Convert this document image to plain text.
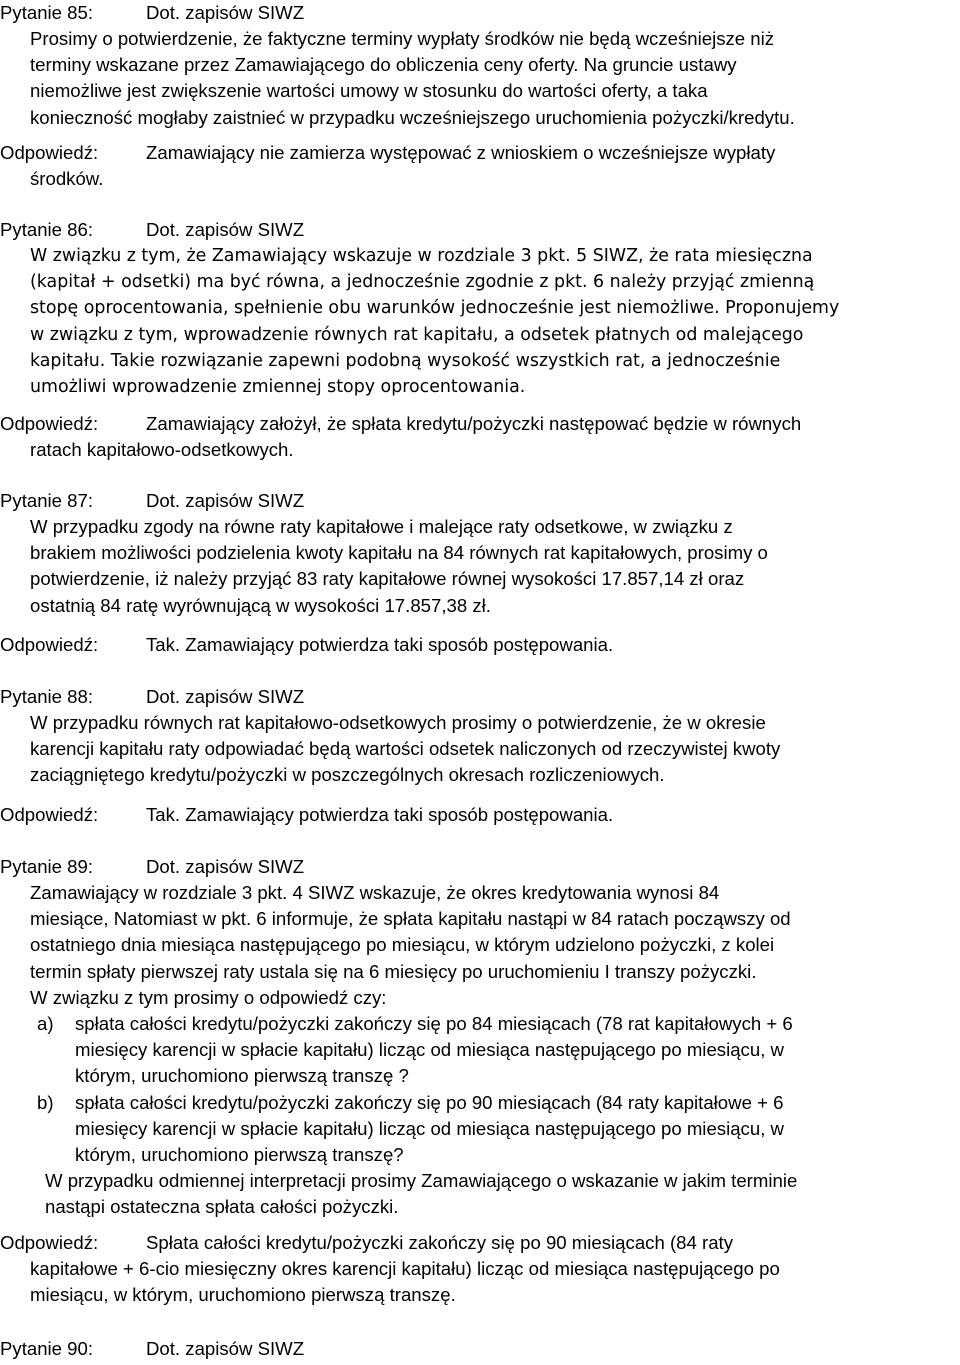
Pytanie 85:	Dot. zapisów SIWZ
Prosimy o potwierdzenie, że faktyczne terminy wypłaty środków nie będą wcześniejsze niż
terminy wskazane przez Zamawiającego do obliczenia ceny oferty. Na gruncie ustawy
niemożliwe jest zwiększenie wartości umowy w stosunku do wartości oferty, a taka
konieczność mogłaby zaistnieć w przypadku wcześniejszego uruchomienia pożyczki/kredytu.
Odpowiedź:	Zamawiający nie zamierza występować z wnioskiem o wcześniejsze wypłaty
środków.
Pytanie 86:	Dot. zapisów SIWZ
W związku z tym, że Zamawiający wskazuje w rozdziale 3 pkt. 5 SIWZ, że rata miesięczna
(kapitał + odsetki) ma być równa, a jednocześnie zgodnie z pkt. 6 należy przyjąć zmienną
stopę oprocentowania, spełnienie obu warunków jednocześnie jest niemożliwe. Proponujemy
w związku z tym, wprowadzenie równych rat kapitału, a odsetek płatnych od malejącego
kapitału. Takie rozwiązanie zapewni podobną wysokość wszystkich rat, a jednocześnie
umożliwi wprowadzenie zmiennej stopy oprocentowania.
Odpowiedź:	Zamawiający założył, że spłata kredytu/pożyczki następować będzie w równych
ratach kapitałowo-odsetkowych.
Pytanie 87:	Dot. zapisów SIWZ
W przypadku zgody na równe raty kapitałowe i malejące raty odsetkowe, w związku z
brakiem możliwości podzielenia kwoty kapitału na 84 równych rat kapitałowych, prosimy o
potwierdzenie, iż należy przyjąć 83 raty kapitałowe równej wysokości 17.857,14 zł oraz
ostatnią 84 ratę wyrównującą w wysokości 17.857,38 zł.
Odpowiedź:	Tak. Zamawiający potwierdza taki sposób postępowania.
Pytanie 88:	Dot. zapisów SIWZ
W przypadku równych rat kapitałowo-odsetkowych prosimy o potwierdzenie, że w okresie
karencji kapitału raty odpowiadać będą wartości odsetek naliczonych od rzeczywistej kwoty
zaciągniętego kredytu/pożyczki w poszczególnych okresach rozliczeniowych.
Odpowiedź:	Tak. Zamawiający potwierdza taki sposób postępowania.
Pytanie 89:	Dot. zapisów SIWZ
Zamawiający w rozdziale 3 pkt. 4 SIWZ wskazuje, że okres kredytowania wynosi 84
miesiące, Natomiast w pkt. 6 informuje, że spłata kapitału nastąpi w 84 ratach począwszy od
ostatniego dnia miesiąca następującego po miesiącu, w którym udzielono pożyczki, z kolei
termin spłaty pierwszej raty ustala się na 6 miesięcy po uruchomieniu I transzy pożyczki.
W związku z tym prosimy o odpowiedź czy:
a) spłata całości kredytu/pożyczki zakończy się po 84 miesiącach (78 rat kapitałowych + 6
miesięcy karencji w spłacie kapitału) licząc od miesiąca następującego po miesiącu, w
którym, uruchomiono pierwszą transzę ?
b) spłata całości kredytu/pożyczki zakończy się po 90 miesiącach (84 raty kapitałowe + 6
miesięcy karencji w spłacie kapitału) licząc od miesiąca następującego po miesiącu, w
którym, uruchomiono pierwszą transzę?
W przypadku odmiennej interpretacji prosimy Zamawiającego o wskazanie w jakim terminie
nastąpi ostateczna spłata całości pożyczki.
Odpowiedź:	Spłata całości kredytu/pożyczki zakończy się po 90 miesiącach (84 raty
kapitałowe + 6-cio miesięczny okres karencji kapitału) licząc od miesiąca następującego po
miesiącu, w którym, uruchomiono pierwszą transzę.
Pytanie 90:	Dot. zapisów SIWZ
